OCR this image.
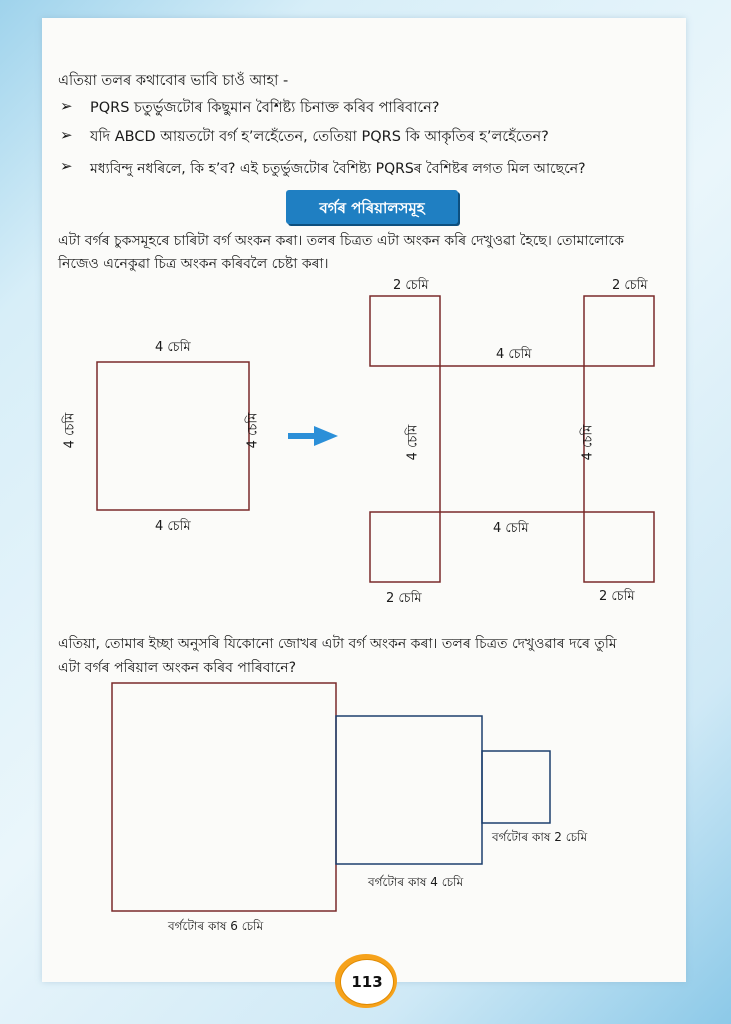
এতিয়া তলৰ কথাবোৰ ভাবি চাওঁ আহা -
➢ PQRS চতুৰ্ভুজটোৰ কিছুমান বৈশিষ্ট্য চিনাক্ত কৰিব পাৰিবানে?
➢ যদি ABCD আয়তটো বৰ্গ হ’লহেঁতেন, তেতিয়া PQRS কি আকৃতিৰ হ’লহেঁতেন?
➢ মধ্যবিন্দু নধৰিলে, কি হ’ব? এই চতুৰ্ভুজটোৰ বৈশিষ্ট্য PQRSৰ বৈশিষ্টৰ লগত মিল আছেনে?
বৰ্গৰ পৰিয়ালসমূহ
এটা বৰ্গৰ চুকসমূহৰে চাৰিটা বৰ্গ অংকন কৰা। তলৰ চিত্ৰত এটা অংকন কৰি দেখুওৱা হৈছে। তোমালোকে
নিজেও এনেকুৱা চিত্ৰ অংকন কৰিবলৈ চেষ্টা কৰা।
4 চেমি
4 চেমি
4 চেমি	4 চেমি
2 চেমি	2 চেমি
2 চেমি	2 চেমি
4 চেমি
4 চেমি
4 চেমি	4 চেমি
এতিয়া, তোমাৰ ইচ্ছা অনুসৰি যিকোনো জোখৰ এটা বৰ্গ অংকন কৰা। তলৰ চিত্ৰত দেখুওৱাৰ দৰে তুমি
এটা বৰ্গৰ পৰিয়াল অংকন কৰিব পাৰিবানে?
বৰ্গটোৰ কাষ 2 চেমি
বৰ্গটোৰ কাষ 4 চেমি
বৰ্গটোৰ কাষ 6 চেমি
113
